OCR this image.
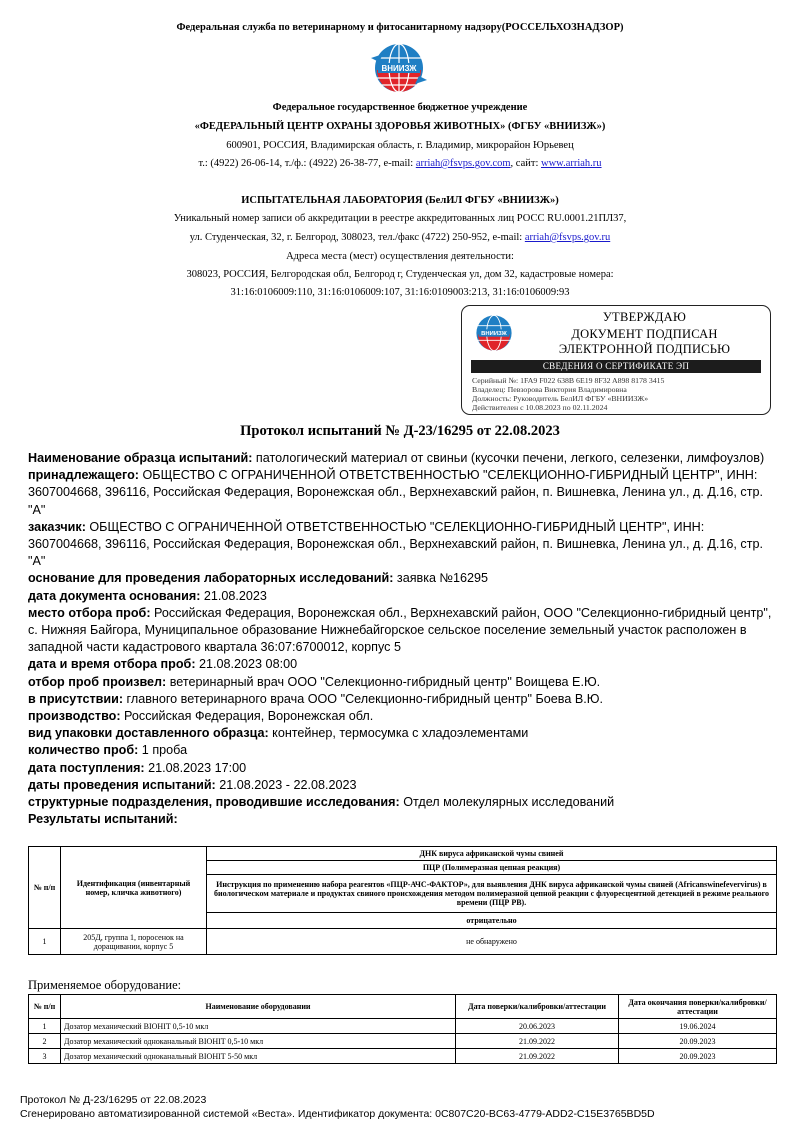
Федеральная служба по ветеринарному и фитосанитарному надзору(РОССЕЛЬХОЗНАДЗОР)
ВНИИЗЖ
Федеральное государственное бюджетное учреждение
«ФЕДЕРАЛЬНЫЙ ЦЕНТР ОХРАНЫ ЗДОРОВЬЯ ЖИВОТНЫХ» (ФГБУ «ВНИИЗЖ»)
600901, РОССИЯ, Владимирская область, г. Владимир, микрорайон Юрьевец
т.: (4922) 26-06-14, т./ф.: (4922) 26-38-77, e-mail: arriah@fsvps.gov.com, сайт: www.arriah.ru
ИСПЫТАТЕЛЬНАЯ ЛАБОРАТОРИЯ (БелИЛ ФГБУ «ВНИИЗЖ»)
Уникальный номер записи об аккредитации в реестре аккредитованных лиц РОСС RU.0001.21ПЛ37,
ул. Студенческая, 32, г. Белгород, 308023, тел./факс (4722) 250-952, e-mail: arriah@fsvps.gov.ru
Адреса места (мест) осуществления деятельности:
308023, РОССИЯ, Белгородская обл, Белгород г, Студенческая ул, дом 32, кадастровые номера:
31:16:0106009:110, 31:16:0106009:107, 31:16:0109003:213, 31:16:0106009:93
ВНИИЗЖ
УТВЕРЖДАЮ
ДОКУМЕНТ ПОДПИСАН
ЭЛЕКТРОННОЙ ПОДПИСЬЮ
СВЕДЕНИЯ О СЕРТИФИКАТЕ ЭП
Серийный №: 1FA9 F022 638B 6E19 8F32 A898 8178 3415
Владелец: Певзорова Виктория Владимировна
Должность: Руководитель БелИЛ ФГБУ «ВНИИЗЖ»
Действителен с 10.08.2023 по 02.11.2024
Протокол испытаний № Д-23/16295 от 22.08.2023

Наименование образца испытаний: патологический материал от свиньи (кусочки печени, легкого, селезенки, лимфоузлов)

принадлежащего: ОБЩЕСТВО С ОГРАНИЧЕННОЙ ОТВЕТСТВЕННОСТЬЮ "СЕЛЕКЦИОННО-ГИБРИДНЫЙ ЦЕНТР", ИНН: 3607004668, 396116, Российская Федерация, Воронежская обл., Верхнехавский район, п. Вишневка, Ленина ул., д. Д.16, стр. "А"

заказчик: ОБЩЕСТВО С ОГРАНИЧЕННОЙ ОТВЕТСТВЕННОСТЬЮ "СЕЛЕКЦИОННО-ГИБРИДНЫЙ ЦЕНТР", ИНН: 3607004668, 396116, Российская Федерация, Воронежская обл., Верхнехавский район, п. Вишневка, Ленина ул., д. Д.16, стр. "А"

основание для проведения лабораторных исследований: заявка №16295

дата документа основания: 21.08.2023

место отбора проб: Российская Федерация, Воронежская обл., Верхнехавский район, ООО "Селекционно-гибридный центр", с. Нижняя Байгора, Муниципальное образование Нижнебайгорское сельское поселение земельный участок расположен в западной части кадастрового квартала 36:07:6700012, корпус 5

дата и время отбора проб: 21.08.2023 08:00

отбор проб произвел: ветеринарный врач ООО "Селекционно-гибридный центр" Воищева Е.Ю.

в присутствии: главного ветеринарного врача ООО "Селекционно-гибридный центр" Боева В.Ю.

производство: Российская Федерация, Воронежская обл.

вид упаковки доставленного образца: контейнер, термосумка с хладоэлементами

количество проб: 1 проба

дата поступления: 21.08.2023 17:00

даты проведения испытаний: 21.08.2023 - 22.08.2023

структурные подразделения, проводившие исследования: Отдел молекулярных исследований

Результаты испытаний:

№ п/п	Идентификация (инвентарный номер, кличка животного)	ДНК вируса африканской чумы свиней
		ПЦР (Полимеразная цепная реакция)
		Инструкция по применению набора реагентов «ПЦР-АЧС-ФАКТОР», для выявления ДНК вируса африканской чумы свиней (Africanswinefevervirus) в биологическом материале и продуктах свиного происхождения методом полимеразной цепной реакции с флуоресцентной детекцией в режиме реального времени (ПЦР РВ).
		отрицательно
1	205Д, группа 1, поросенок на доращивании, корпус 5	не обнаружено
Применяемое оборудование:
№ п/п	Наименование оборудовании	Дата поверки/калибровки/аттестации	Дата окончания поверки/калибровки/аттестации
1	Дозатор механический BIOHIT 0,5-10 мкл	20.06.2023	19.06.2024
2	Дозатор механический одноканальный BIOHIT 0,5-10 мкл	21.09.2022	20.09.2023
3	Дозатор механический одноканальный BIOHIT 5-50 мкл	21.09.2022	20.09.2023
Протокол № Д-23/16295 от 22.08.2023
Сгенерировано автоматизированной системой «Веста». Идентификатор документа: 0C807C20-BC63-4779-ADD2-C15E3765BD5D
